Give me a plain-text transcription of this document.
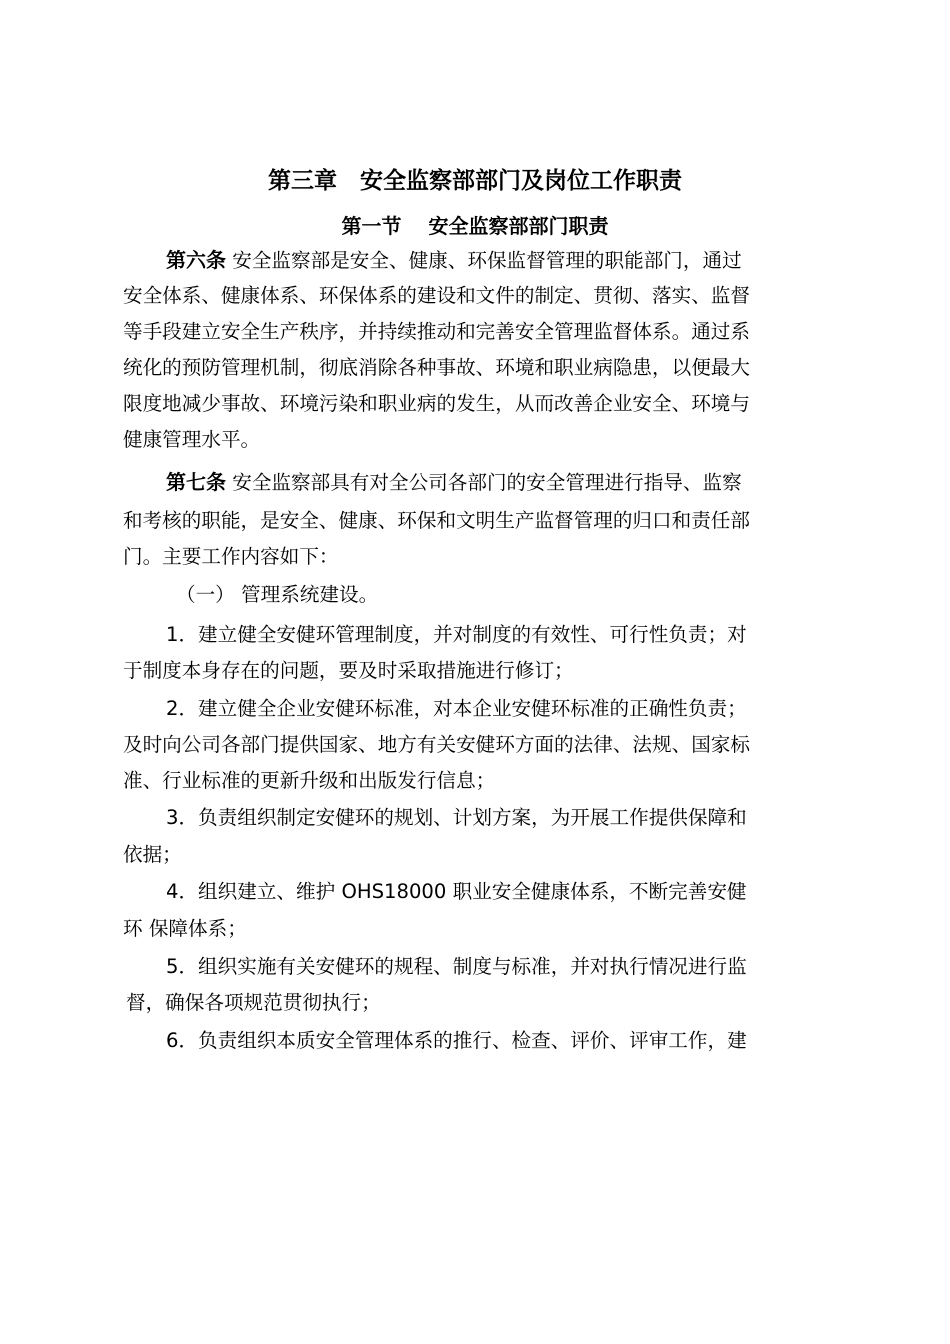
第三章　安全监察部部门及岗位工作职责
第一节　 安全监察部部门职责
第六条 安全监察部是安全、健康、环保监督管理的职能部门，通过
安全体系、健康体系、环保体系的建设和文件的制定、贯彻、落实、监督
等手段建立安全生产秩序，并持续推动和完善安全管理监督体系。通过系
统化的预防管理机制，彻底消除各种事故、环境和职业病隐患，以便最大
限度地减少事故、环境污染和职业病的发生，从而改善企业安全、环境与
健康管理水平。
第七条 安全监察部具有对全公司各部门的安全管理进行指导、监察
和考核的职能，是安全、健康、环保和文明生产监督管理的归口和责任部
门。主要工作内容如下：
（一） 管理系统建设。
1．建立健全安健环管理制度，并对制度的有效性、可行性负责；对
于制度本身存在的问题，要及时采取措施进行修订；
2．建立健全企业安健环标准，对本企业安健环标准的正确性负责；
及时向公司各部门提供国家、地方有关安健环方面的法律、法规、国家标
准、行业标准的更新升级和出版发行信息；
3．负责组织制定安健环的规划、计划方案，为开展工作提供保障和
依据；
4．组织建立、维护 OHS18000 职业安全健康体系，不断完善安健
环 保障体系；
5．组织实施有关安健环的规程、制度与标准，并对执行情况进行监
督，确保各项规范贯彻执行；
6．负责组织本质安全管理体系的推行、检查、评价、评审工作，建
